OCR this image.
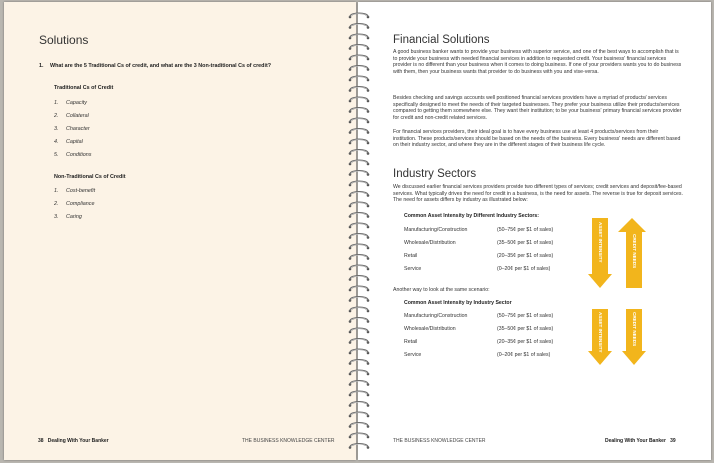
Solutions
1. What are the 5 Traditional Cs of credit, and what are the 3 Non-traditional Cs of credit?
Traditional Cs of Credit
1. Capacity
2. Collateral
3. Character
4. Capital
5. Conditions
Non-Traditional Cs of Credit
1. Cost-benefit
2. Compliance
3. Caring
38 Dealing With Your Banker	THE BUSINESS KNOWLEDGE CENTER
Financial Solutions

A good business banker wants to provide your business with superior service, and one of the best ways to accomplish that is to provide your business with needed financial services in addition to requested credit. Your business' financial services provider is no different than your business when it comes to doing business. If one of your providers wants you to do business with them, then your business wants that provider to do business with you and vise-versa.

Besides checking and savings accounts well positioned financial services providers have a myriad of products/ services specifically designed to meet the needs of their targeted businesses. They prefer your business utilize their products/services compared to getting them somewhere else. They want their institution; to be your business' primary financial services provider for credit and non-credit related services.

For financial services providers, their ideal goal is to have every business use at least 4 products/services from their institution. These products/services should be based on the needs of the business. Every business' needs are different based on their industry sector, and where they are in the different stages of their business life cycle.

Industry Sectors

We discussed earlier financial services providers provide two different types of services; credit services and deposit/fee-based services. What typically drives the need for credit in a business, is the need for assets. The reverse is true for deposit services. The need for assets differs by industry as illustrated below:

Common Asset Intensity by Different Industry Sectors:
Manufacturing/Construction	(50–75¢ per $1 of sales)
Wholesale/Distribution	(35–50¢ per $1 of sales)
Retail	(20–35¢ per $1 of sales)
Service	(0–20¢ per $1 of sales)
ASSET INTENSITY	CREDIT NEEDS
Another way to look at the same scenario:
Common Asset Intensity by Industry Sector
Manufacturing/Construction	(50–75¢ per $1 of sales)
Wholesale/Distribution	(35–50¢ per $1 of sales)
Retail	(20–35¢ per $1 of sales)
Service	(0–20¢ per $1 of sales)
ASSET INTENSITY	CREDIT NEEDS
THE BUSINESS KNOWLEDGE CENTER	Dealing With Your Banker 39
